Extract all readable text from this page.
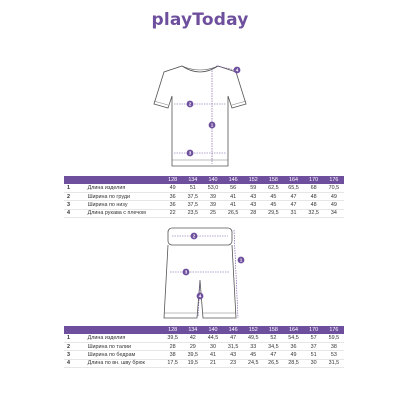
playToday
1
2
3
4
		128	134	140	146	152	158	164	170	176
1	Длина изделия	49	51	53,0	56	59	62,5	65,5	68	70,5
2	Ширина по груди	36	37,5	39	41	43	45	47	48	49
3	Ширина по низу	36	37,5	39	41	43	45	47	48	49
4	Длина рукава с плечом	22	23,5	25	26,5	28	29,5	31	32,5	34
1
2
3
4
		128	134	140	146	152	158	164	170	176
1	Длина изделия	39,5	42	44,5	47	49,5	52	54,5	57	59,5
2	Ширина по талии	28	29	30	31,5	33	34,5	36	37	38
3	Ширина по бедрам	38	39,5	41	43	45	47	49	51	53
4	Длина по вн. шву брюк	17,5	19,5	21	23	24,5	26,5	28,5	30	31,5
